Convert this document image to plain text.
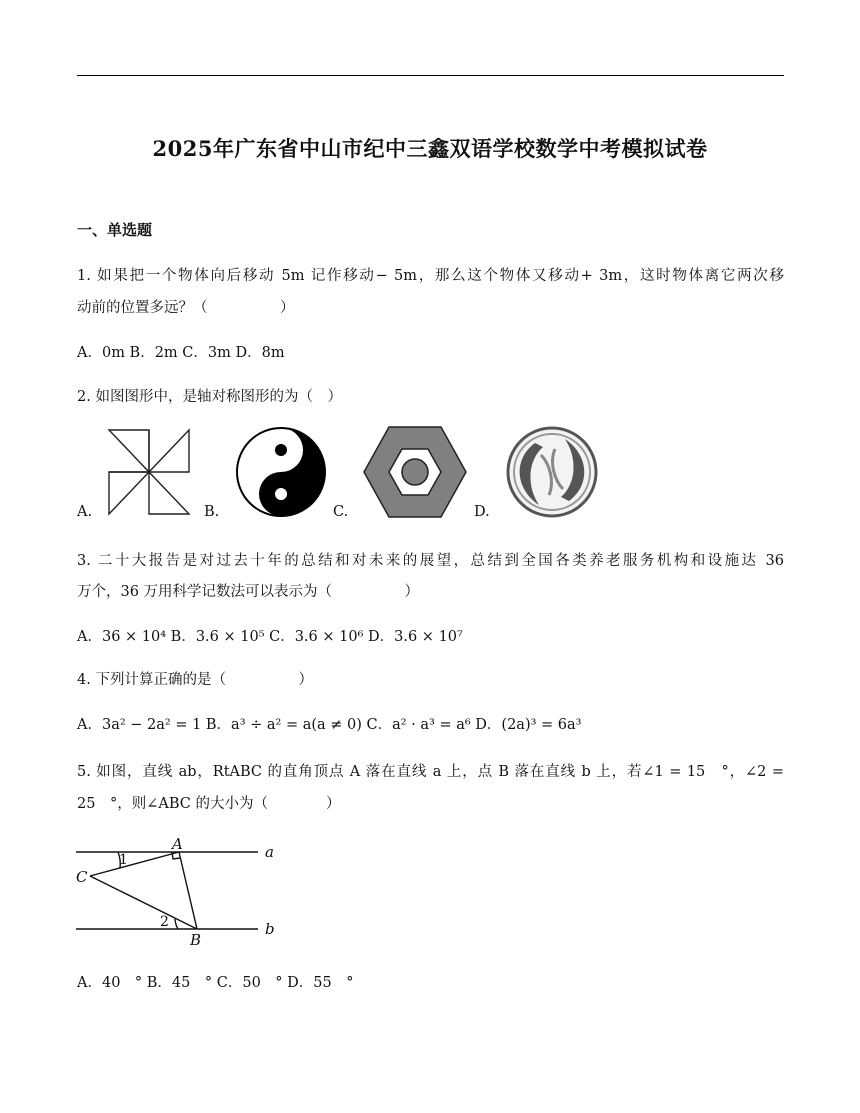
2025年广东省中山市纪中三鑫双语学校数学中考模拟试卷
一、单选题
1. 如果把一个物体向后移动 5m 记作移动− 5m，那么这个物体又移动+ 3m，这时物体离它两次移
动前的位置多远？（　　　　　）
A．0m B．2m C．3m D．8m
2. 如图图形中，是轴对称图形的为（　）
A.	B.	C.	D.
3. 二十大报告是对过去十年的总结和对未来的展望，总结到全国各类养老服务机构和设施达 36
万个，36 万用科学记数法可以表示为（　　　　　）
A．36 × 10⁴ B．3.6 × 10⁵ C．3.6 × 10⁶ D．3.6 × 10⁷
4. 下列计算正确的是（　　　　　）
A．3a² − 2a² = 1 B．a³ ÷ a² = a(a ≠ 0) C．a² · a³ = a⁶ D．(2a)³ = 6a³
5. 如图，直线 ab，RtABC 的直角顶点 A 落在直线 a 上，点 B 落在直线 b 上，若∠1 = 15　°，∠2 =
25　°，则∠ABC 的大小为（　　　　）
A
B
C
a
b
1
2
A．40　° B．45　° C．50　° D．55　°
